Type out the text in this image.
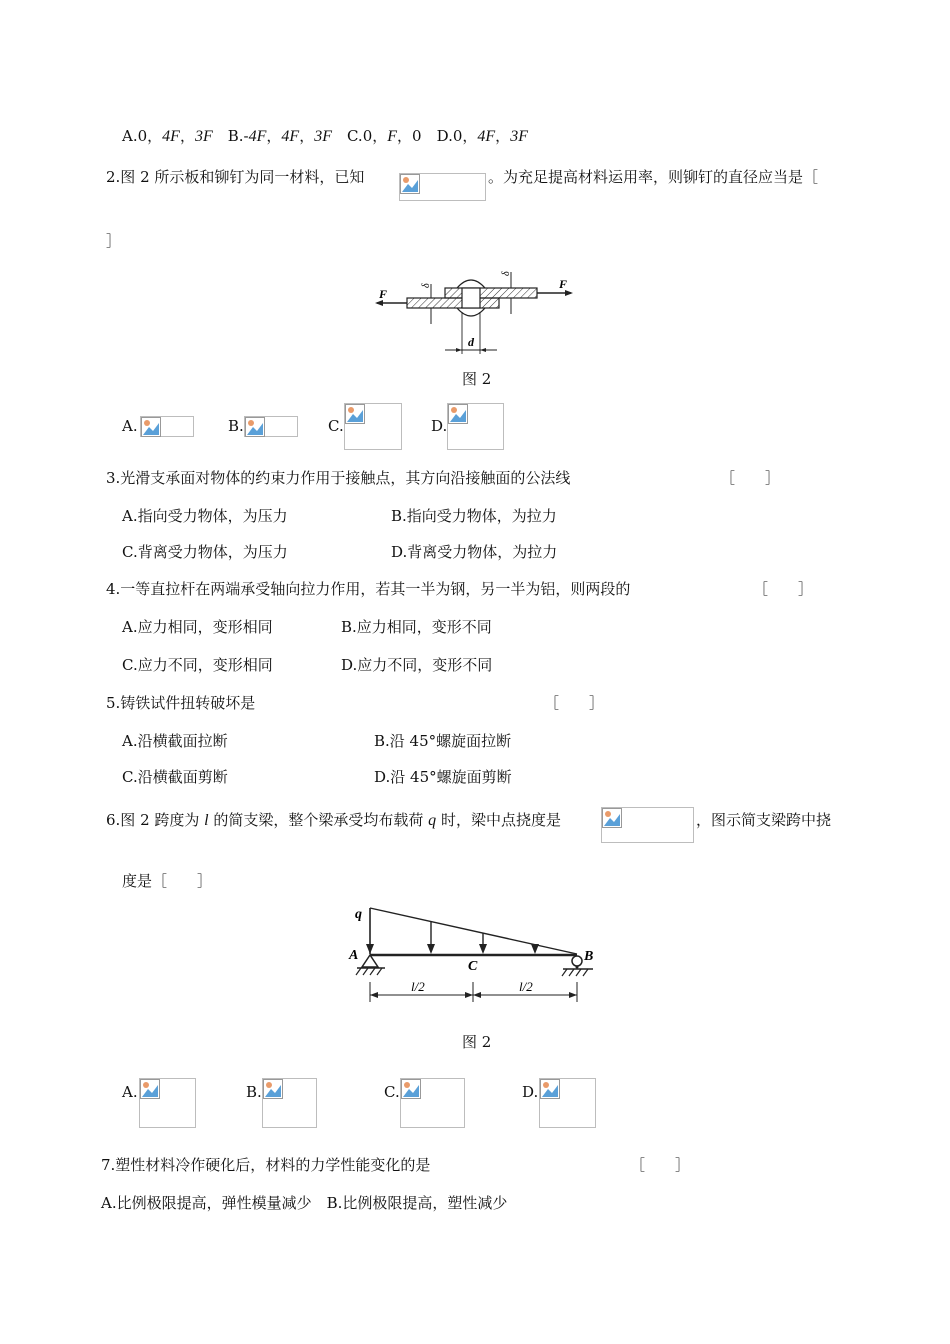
A.0，4F，3F　B.-4F，4F，3F　C.0，F，0　D.0，4F，3F
2.图 2 所示板和铆钉为同一材料，已知	。为充足提高材料运用率，则铆钉的直径应当是［
］
F
F
δ
δ
d
图 2
A.	B.	C.	D.
3.光滑支承面对物体的约束力作用于接触点，其方向沿接触面的公法线	［　　］
A.指向受力物体，为压力	B.指向受力物体，为拉力
C.背离受力物体，为压力	D.背离受力物体，为拉力
4.一等直拉杆在两端承受轴向拉力作用，若其一半为钢，另一半为铝，则两段的	［　　］
A.应力相同，变形相同	B.应力相同，变形不同
C.应力不同，变形相同	D.应力不同，变形不同
5.铸铁试件扭转破坏是	［　　］
A.沿横截面拉断	B.沿 45°螺旋面拉断
C.沿横截面剪断	D.沿 45°螺旋面剪断
6.图 2 跨度为 l 的简支梁，整个梁承受均布载荷 q 时，梁中点挠度是	，图示简支梁跨中挠
度是［　　］
q
A	B
C
l/2	l/2
图 2
A.	B.	C.	D.
7.塑性材料冷作硬化后，材料的力学性能变化的是	［　　］
A.比例极限提高，弹性模量减少　B.比例极限提高，塑性减少
